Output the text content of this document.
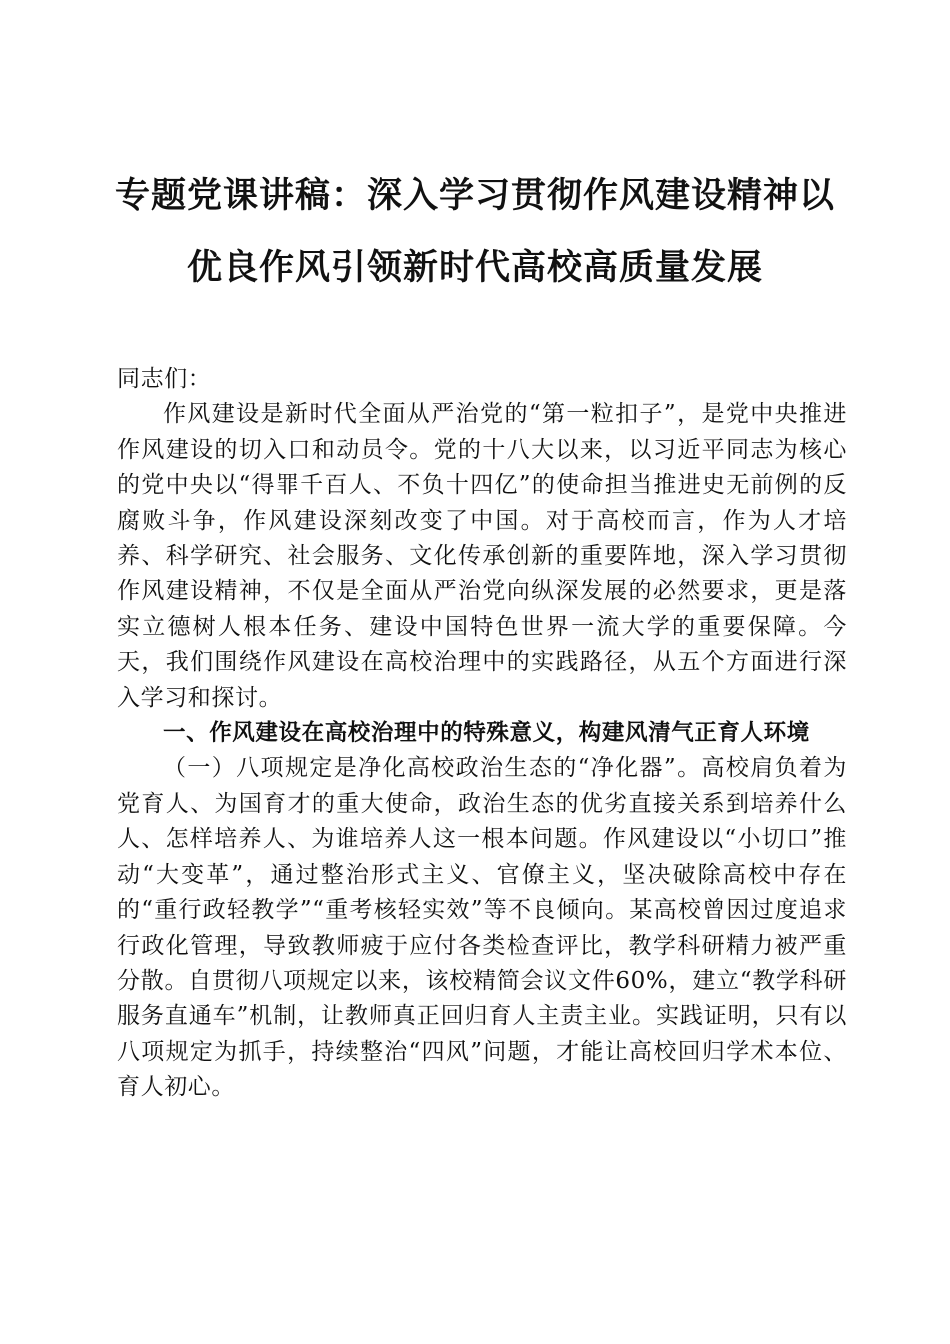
专题党课讲稿：深入学习贯彻作风建设精神以
优良作风引领新时代高校高质量发展

同志们：

作风建设是新时代全面从严治党的“第一粒扣子”，是党中央推进作风建设的切入口和动员令。党的十八大以来，以习近平同志为核心的党中央以“得罪千百人、不负十四亿”的使命担当推进史无前例的反腐败斗争，作风建设深刻改变了中国。对于高校而言，作为人才培养、科学研究、社会服务、文化传承创新的重要阵地，深入学习贯彻作风建设精神，不仅是全面从严治党向纵深发展的必然要求，更是落实立德树人根本任务、建设中国特色世界一流大学的重要保障。今天，我们围绕作风建设在高校治理中的实践路径，从五个方面进行深入学习和探讨。

一、作风建设在高校治理中的特殊意义，构建风清气正育人环境

（一）八项规定是净化高校政治生态的“净化器”。高校肩负着为党育人、为国育才的重大使命，政治生态的优劣直接关系到培养什么人、怎样培养人、为谁培养人这一根本问题。作风建设以“小切口”推动“大变革”，通过整治形式主义、官僚主义，坚决破除高校中存在的“重行政轻教学”“重考核轻实效”等不良倾向。某高校曾因过度追求行政化管理，导致教师疲于应付各类检查评比，教学科研精力被严重分散。自贯彻八项规定以来，该校精简会议文件60%，建立“教学科研服务直通车”机制，让教师真正回归育人主责主业。实践证明，只有以八项规定为抓手，持续整治“四风”问题，才能让高校回归学术本位、育人初心。
